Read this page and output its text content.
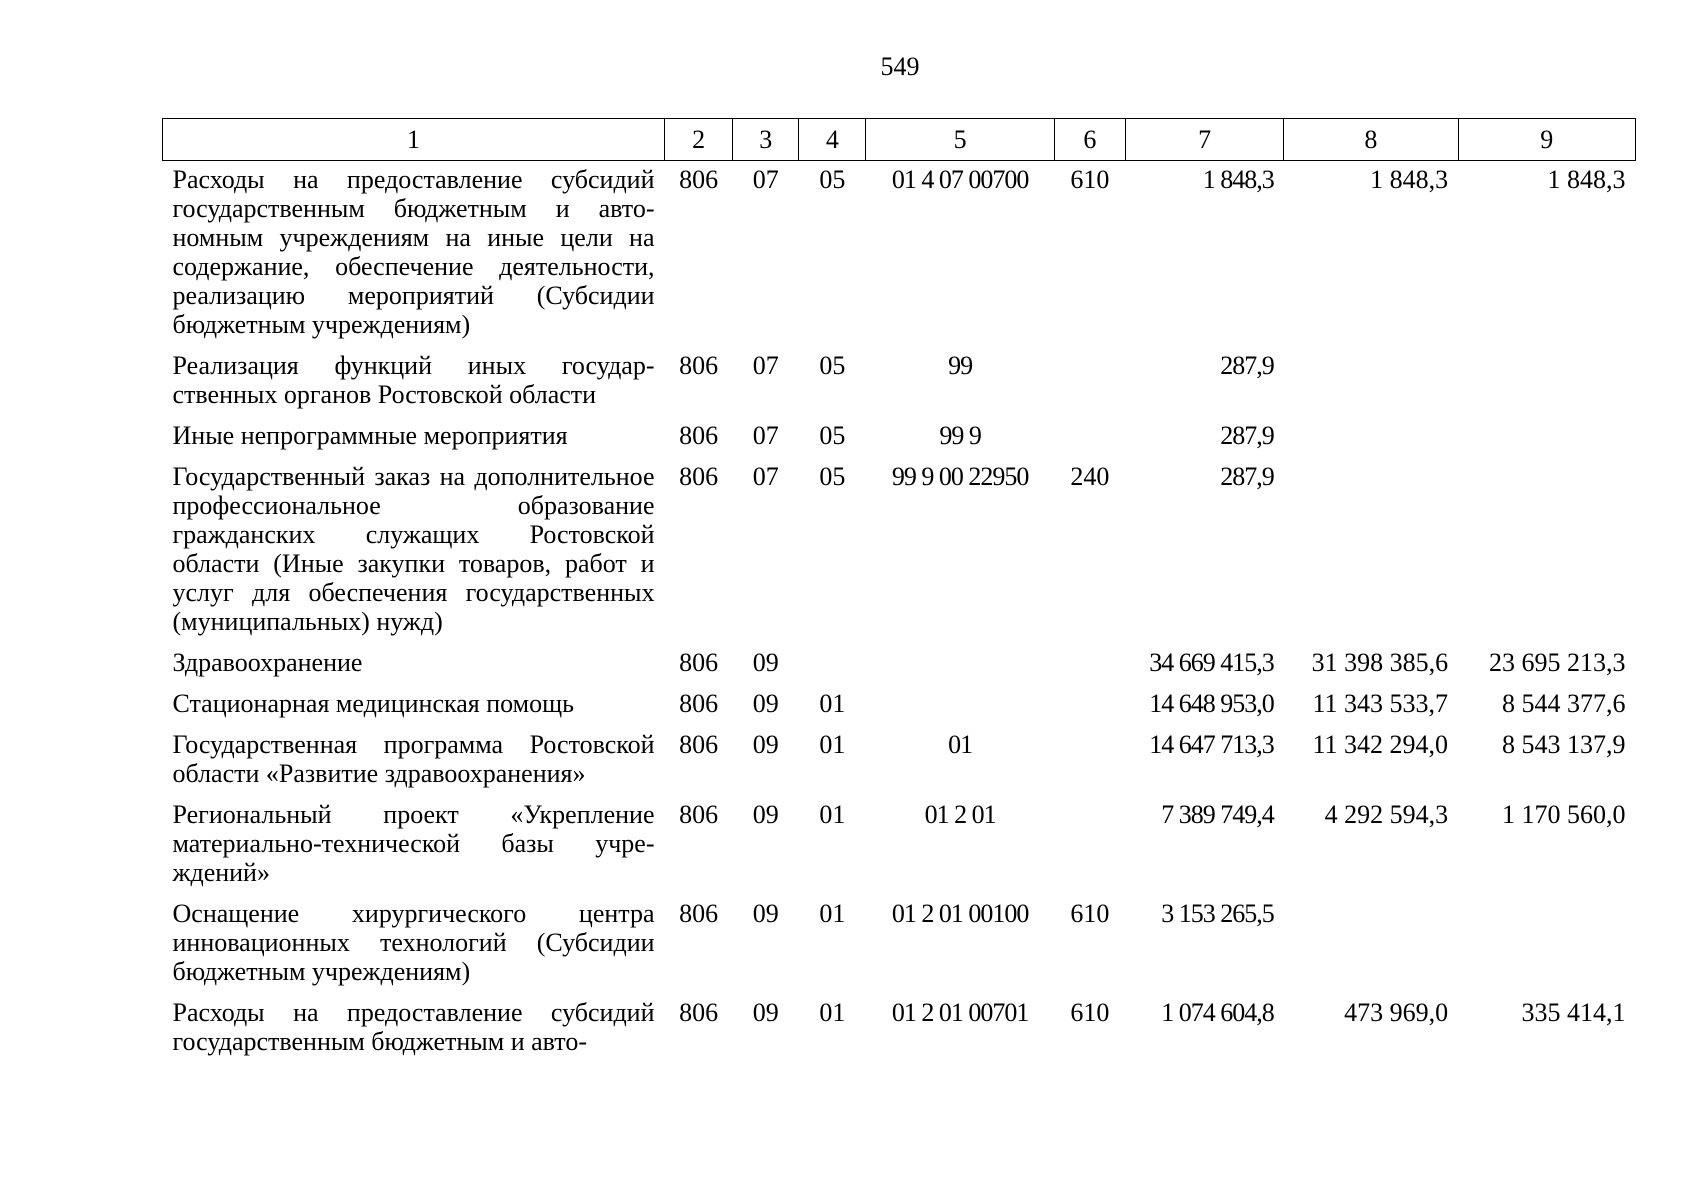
549
1	2	3	4	5	6	7	8	9
Расходы на предоставление субсидий государственным бюджетным и автономным учреждениям на иные цели на содержание, обеспечение деятельности, реализацию мероприятий (Субсидии бюджетным учреждениям)	806	07	05	01 4 07 00700	610	1 848,3	1 848,3	1 848,3
Реализация функций иных государственных органов Ростовской области	806	07	05	99		287,9		
Иные непрограммные мероприятия	806	07	05	99 9		287,9		
Государственный заказ на дополнительное профессиональное образование гражданских служащих Ростовской области (Иные закупки товаров, работ и услуг для обеспечения государственных (муниципальных) нужд)	806	07	05	99 9 00 22950	240	287,9		
Здравоохранение	806	09				34 669 415,3	31 398 385,6	23 695 213,3
Стационарная медицинская помощь	806	09	01			14 648 953,0	11 343 533,7	8 544 377,6
Государственная программа Ростовской области «Развитие здравоохранения»	806	09	01	01		14 647 713,3	11 342 294,0	8 543 137,9
Региональный проект «Укрепление материально-технической базы учреждений»	806	09	01	01 2 01		7 389 749,4	4 292 594,3	1 170 560,0
Оснащение хирургического центра инновационных технологий (Субсидии бюджетным учреждениям)	806	09	01	01 2 01 00100	610	3 153 265,5		
Расходы на предоставление субсидий государственным бюджетным и авто-	806	09	01	01 2 01 00701	610	1 074 604,8	473 969,0	335 414,1
